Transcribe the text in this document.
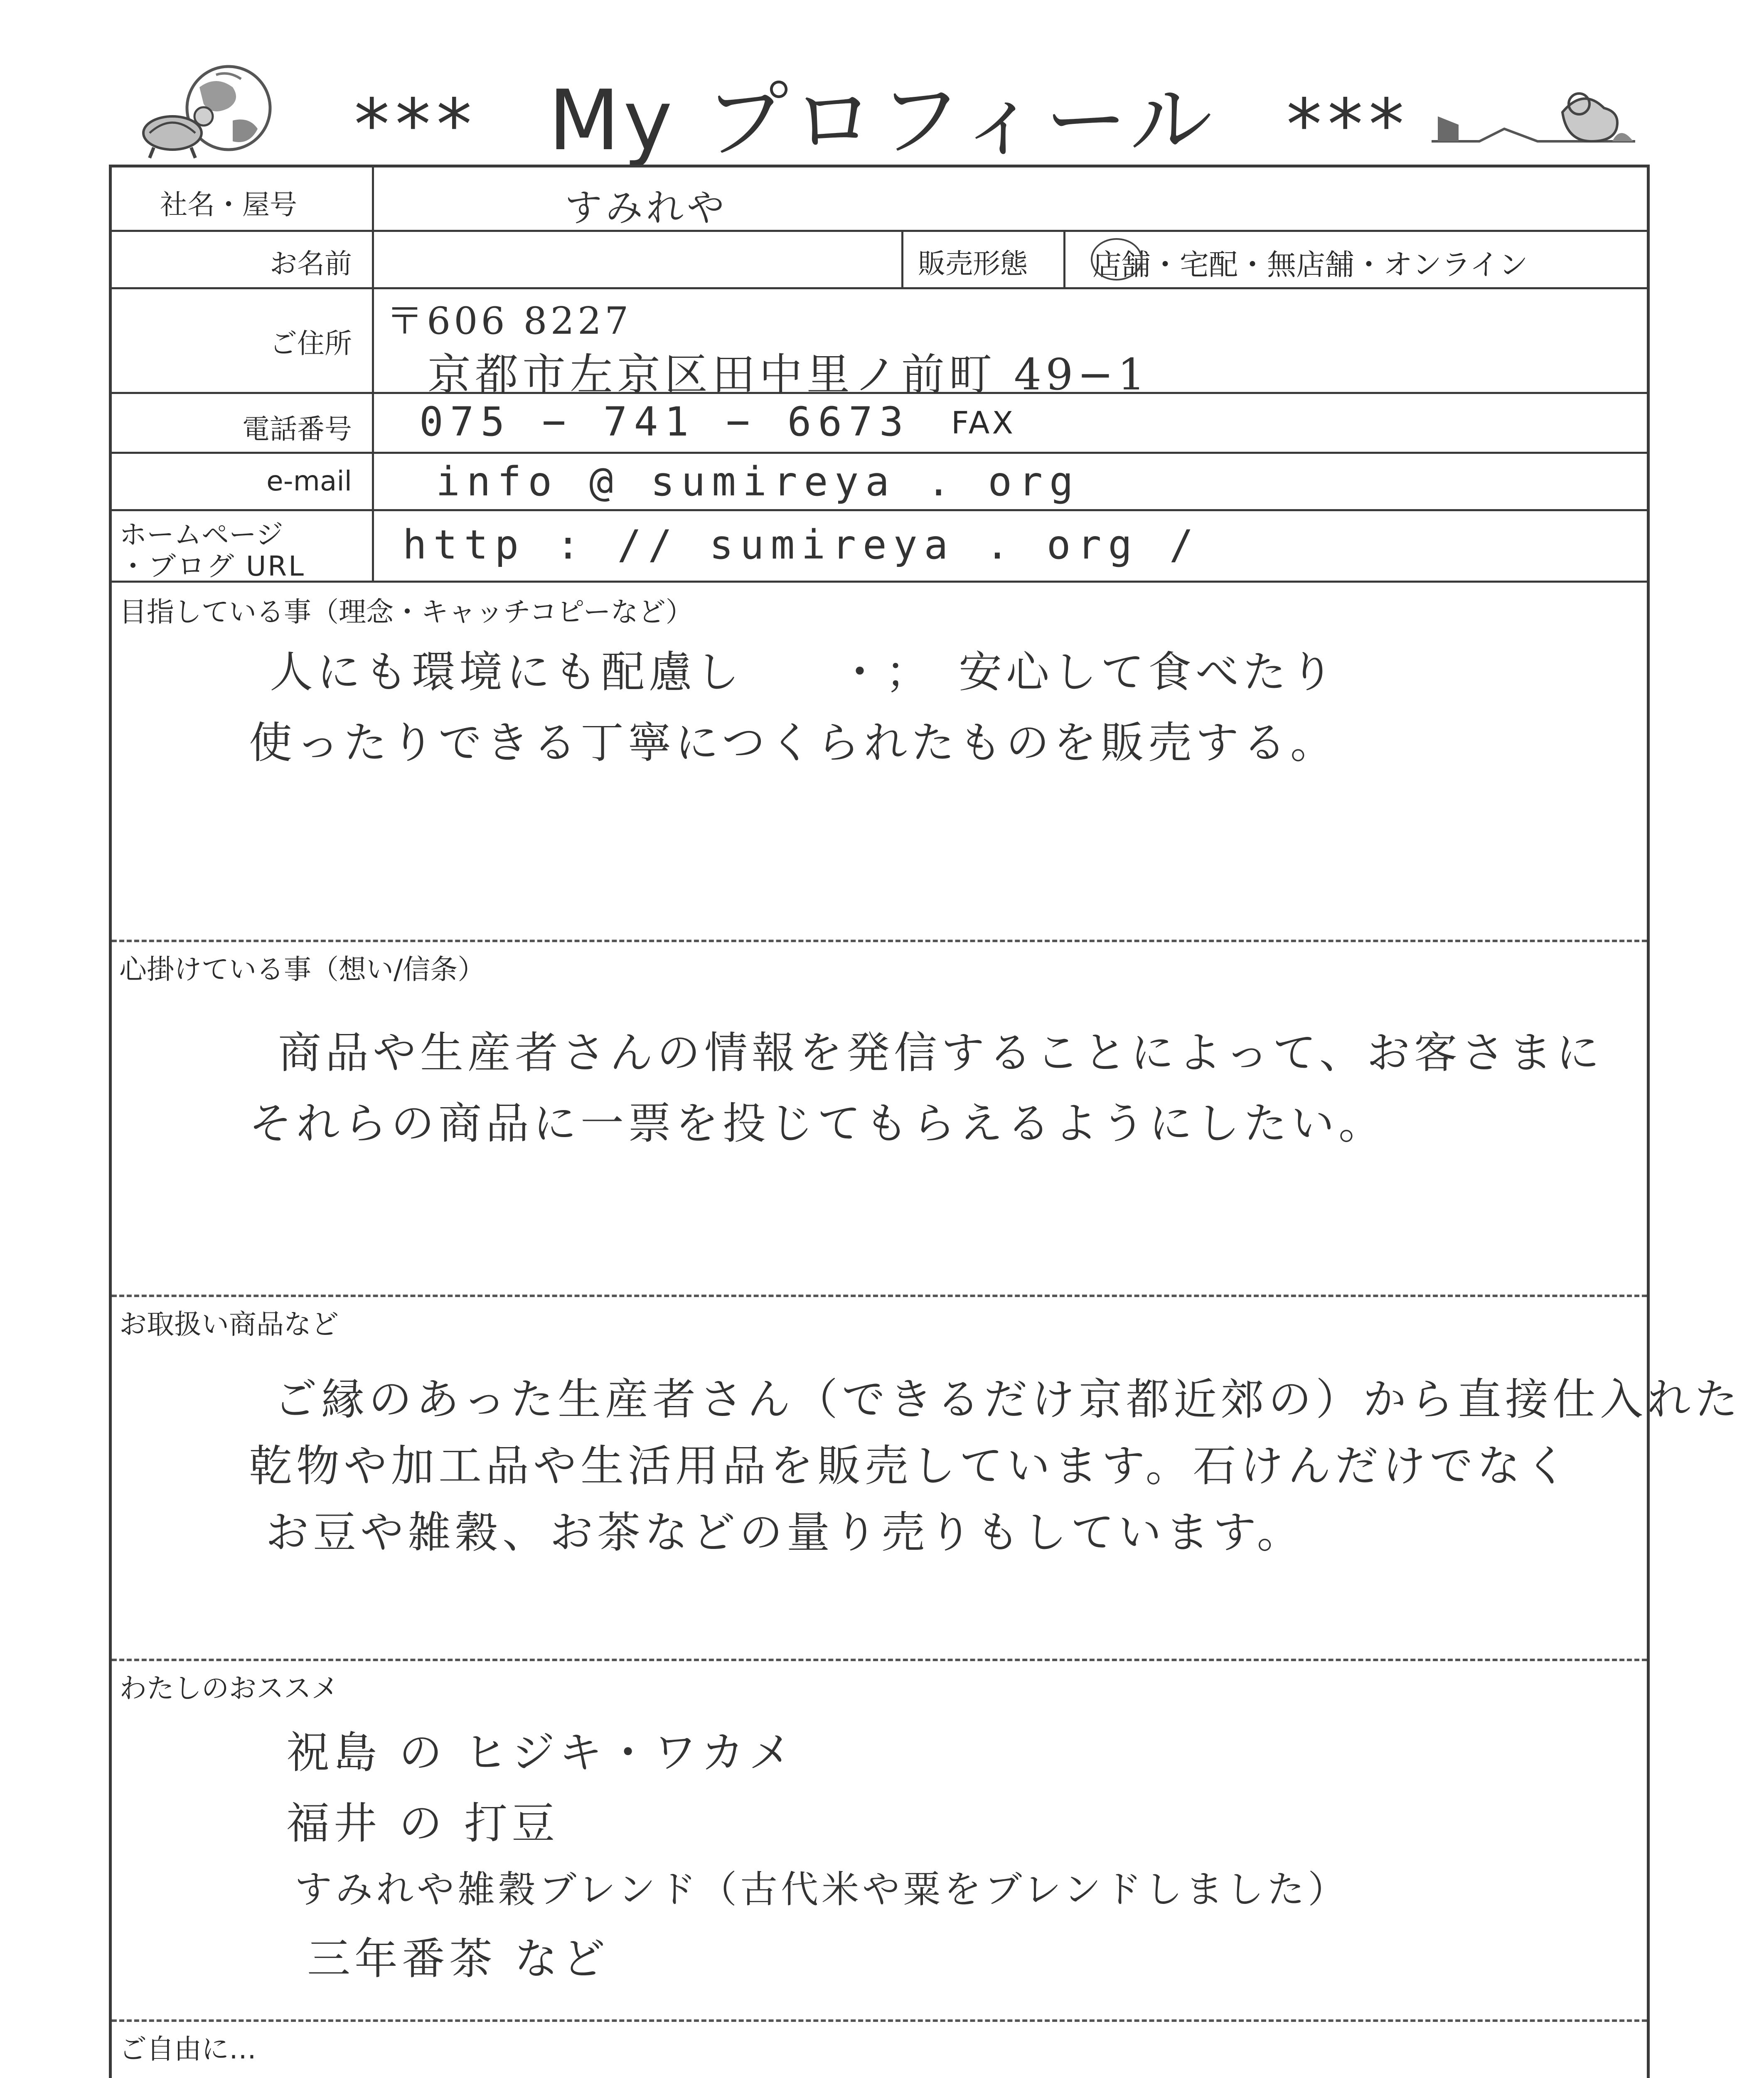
*** My プロフィール ***
社名・屋号	すみれや
お名前	販売形態 店舗・宅配・無店舗・オンライン
ご住所
〒606 8227
京都市左京区田中里ノ前町 49−1
電話番号 075 − 741 − 6673 FAX
e-mail info @ sumireya . org
ホームページ
・ブログ URL http : // sumireya . org /
目指している事（理念・キャッチコピーなど）
人にも環境にも配慮し　　・；　安心して食べたり
使ったりできる丁寧につくられたものを販売する。
心掛けている事（想い/信条）
商品や生産者さんの情報を発信することによって、お客さまに
それらの商品に一票を投じてもらえるようにしたい。
お取扱い商品など
ご縁のあった生産者さん（できるだけ京都近郊の）から直接仕入れた
乾物や加工品や生活用品を販売しています。石けんだけでなく
お豆や雑穀、お茶などの量り売りもしています。
わたしのおススメ
祝島 の ヒジキ・ワカメ
福井 の 打豆
すみれや雑穀ブレンド（古代米や粟をブレンドしました）
三年番茶 など
ご自由に…
